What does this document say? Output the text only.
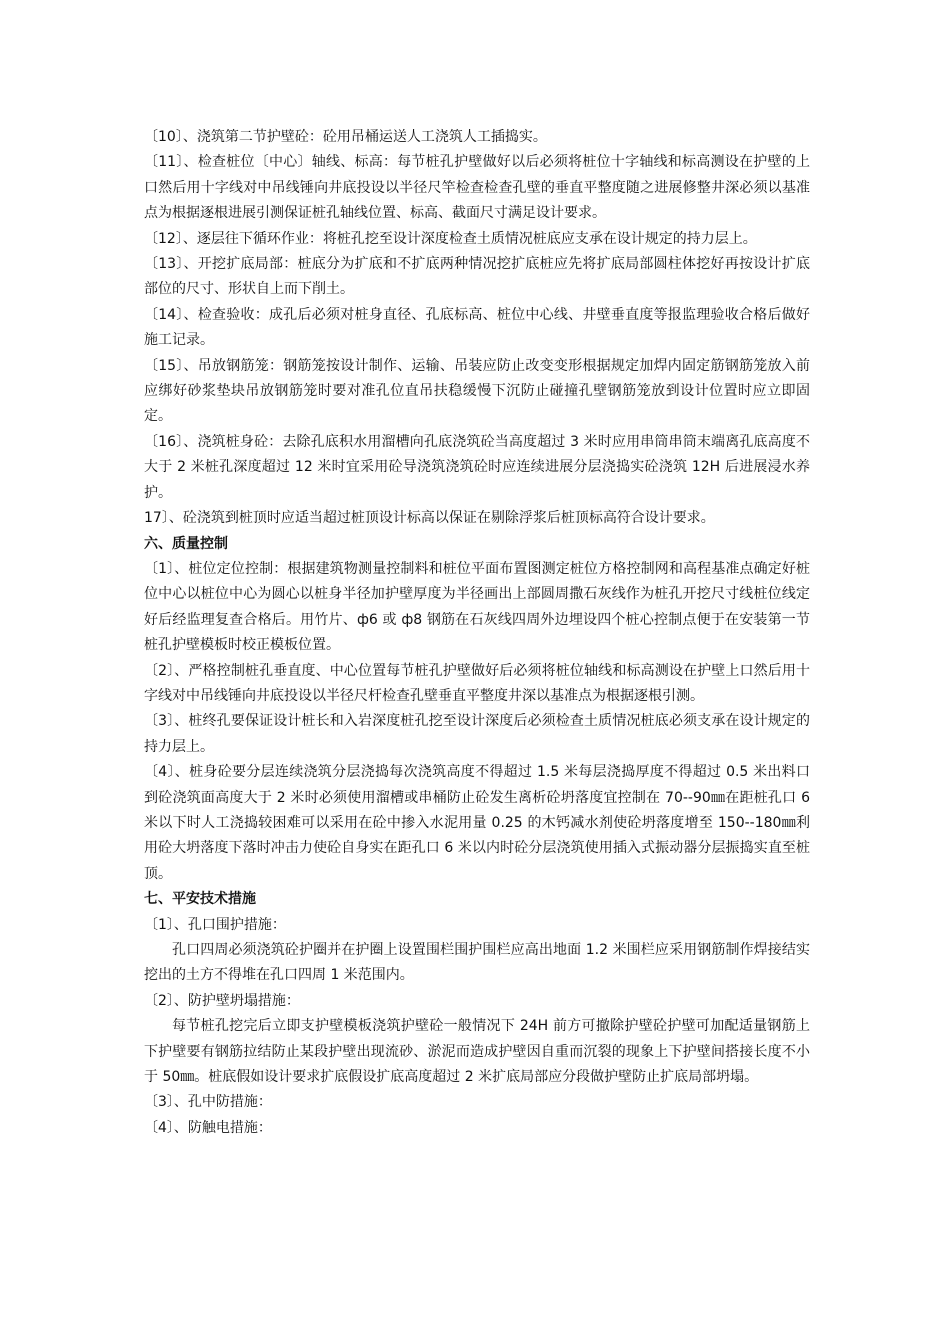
〔10〕、浇筑第二节护壁砼：砼用吊桶运送人工浇筑人工插捣实。

〔11〕、检查桩位〔中心〕轴线、标高：每节桩孔护壁做好以后必须将桩位十字轴线和标高测设在护壁的上口然后用十字线对中吊线锤向井底投设以半径尺竿检查检查孔壁的垂直平整度随之进展修整井深必须以基准点为根据逐根进展引测保证桩孔轴线位置、标高、截面尺寸满足设计要求。

〔12〕、逐层往下循环作业：将桩孔挖至设计深度检查土质情况桩底应支承在设计规定的持力层上。

〔13〕、开挖扩底局部：桩底分为扩底和不扩底两种情况挖扩底桩应先将扩底局部圆柱体挖好再按设计扩底部位的尺寸、形状自上而下削土。

〔14〕、检查验收：成孔后必须对桩身直径、孔底标高、桩位中心线、井壁垂直度等报监理验收合格后做好施工记录。

〔15〕、吊放钢筋笼：钢筋笼按设计制作、运输、吊装应防止改变变形根据规定加焊内固定筋钢筋笼放入前应绑好砂浆垫块吊放钢筋笼时要对准孔位直吊扶稳缓慢下沉防止碰撞孔壁钢筋笼放到设计位置时应立即固定。

〔16〕、浇筑桩身砼：去除孔底积水用溜槽向孔底浇筑砼当高度超过 3 米时应用串筒串筒末端离孔底高度不大于 2 米桩孔深度超过 12 米时宜采用砼导浇筑浇筑砼时应连续进展分层浇捣实砼浇筑 12H 后进展浸水养护。

17〕、砼浇筑到桩顶时应适当超过桩顶设计标高以保证在剔除浮浆后桩顶标高符合设计要求。

六、质量控制

〔1〕、桩位定位控制：根据建筑物测量控制料和桩位平面布置图测定桩位方格控制网和高程基准点确定好桩位中心以桩位中心为圆心以桩身半径加护壁厚度为半径画出上部圆周撒石灰线作为桩孔开挖尺寸线桩位线定好后经监理复查合格后。用竹片、ф6 或 ф8 钢筋在石灰线四周外边埋设四个桩心控制点便于在安装第一节桩孔护壁模板时校正模板位置。

〔2〕、严格控制桩孔垂直度、中心位置每节桩孔护壁做好后必须将桩位轴线和标高测设在护壁上口然后用十字线对中吊线锤向井底投设以半径尺杆检查孔壁垂直平整度井深以基准点为根据逐根引测。

〔3〕、桩终孔要保证设计桩长和入岩深度桩孔挖至设计深度后必须检查土质情况桩底必须支承在设计规定的持力层上。

〔4〕、桩身砼要分层连续浇筑分层浇捣每次浇筑高度不得超过 1.5 米每层浇捣厚度不得超过 0.5 米出料口到砼浇筑面高度大于 2 米时必须使用溜槽或串桶防止砼发生离析砼坍落度宜控制在 70--90㎜在距桩孔口 6 米以下时人工浇捣较困难可以采用在砼中掺入水泥用量 0.25 的木钙减水剂使砼坍落度增至 150--180㎜利用砼大坍落度下落时冲击力使砼自身实在距孔口 6 米以内时砼分层浇筑使用插入式振动器分层振捣实直至桩顶。

七、平安技术措施

〔1〕、孔口围护措施：

孔口四周必须浇筑砼护圈并在护圈上设置围栏围护围栏应高出地面 1.2 米围栏应采用钢筋制作焊接结实挖出的土方不得堆在孔口四周 1 米范围内。

〔2〕、防护壁坍塌措施：

每节桩孔挖完后立即支护壁模板浇筑护壁砼一般情况下 24H 前方可撤除护壁砼护壁可加配适量钢筋上下护壁要有钢筋拉结防止某段护壁出现流砂、淤泥而造成护壁因自重而沉裂的现象上下护壁间搭接长度不小于 50㎜。桩底假如设计要求扩底假设扩底高度超过 2 米扩底局部应分段做护壁防止扩底局部坍塌。

〔3〕、孔中防措施：

〔4〕、防触电措施：
